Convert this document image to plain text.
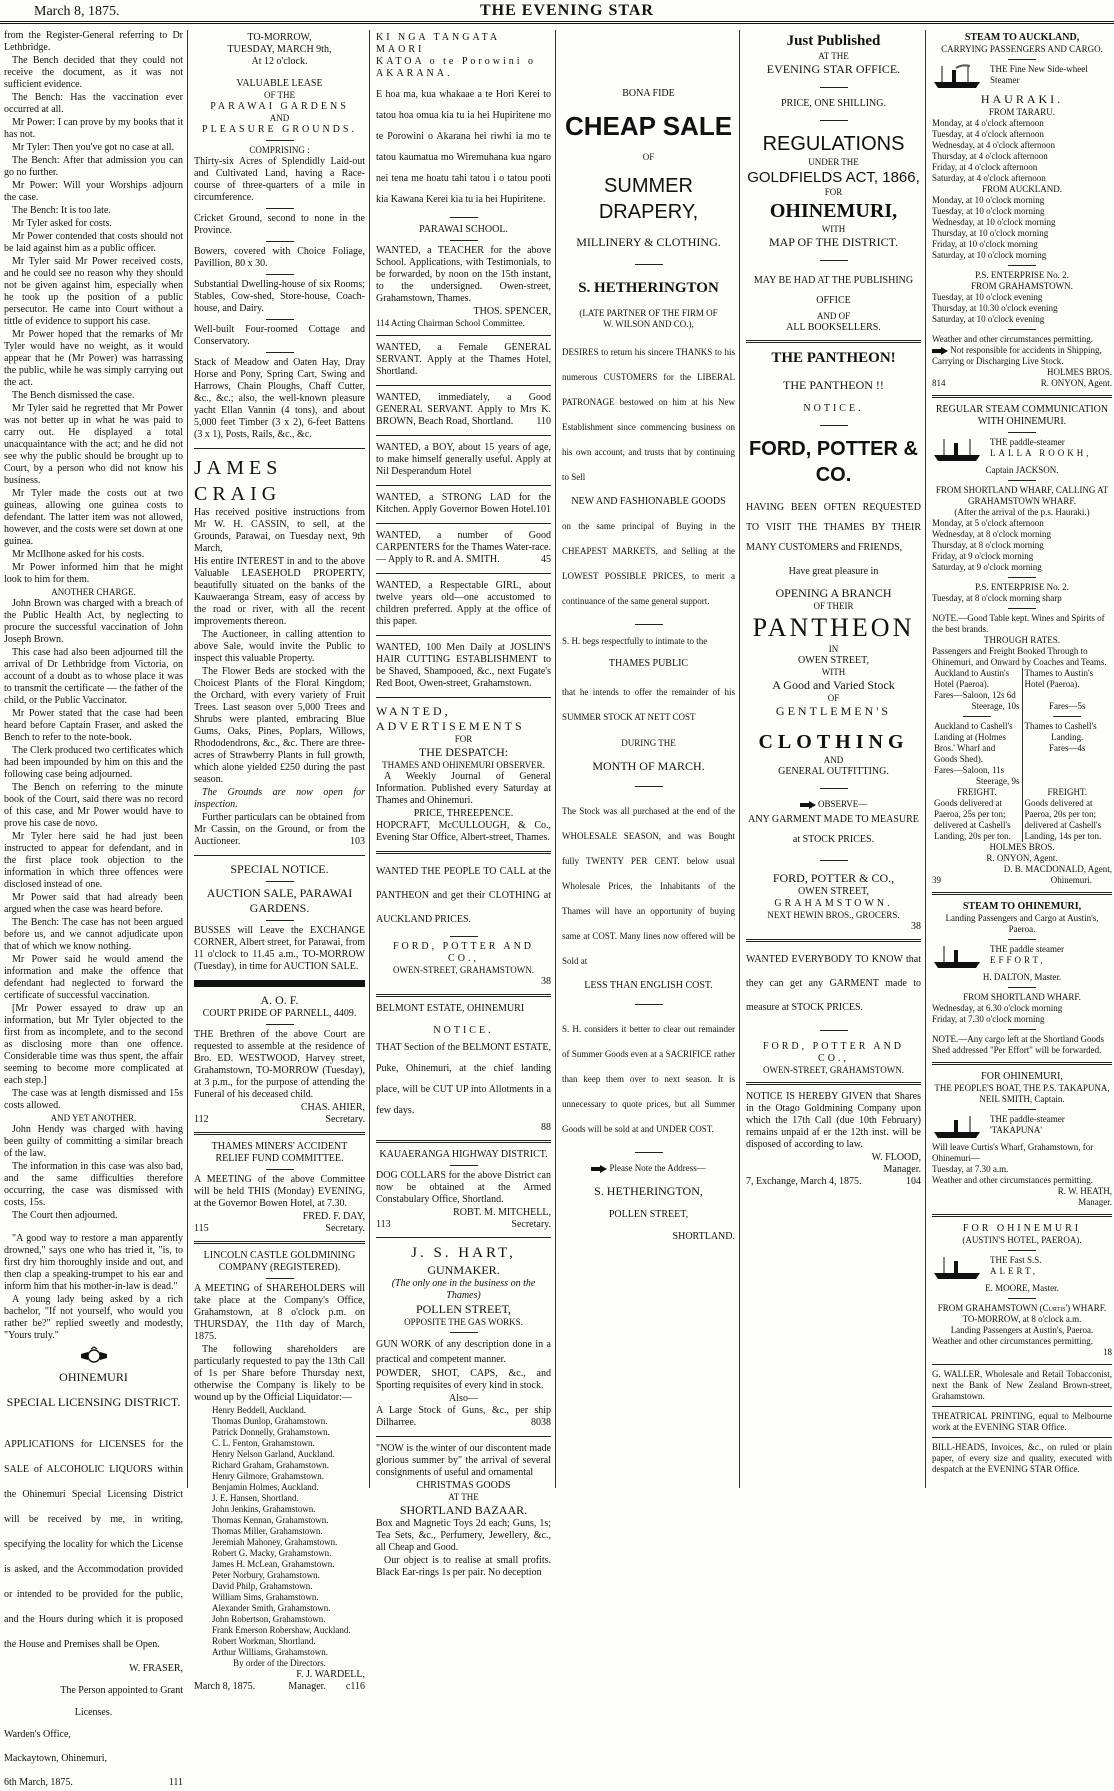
March 8, 1875.	THE EVENING STAR

from the Register-General referring to Dr Lethbridge.

The Bench decided that they could not receive the document, as it was not sufficient evidence.

The Bench: Has the vaccination ever occurred at all.

Mr Power: I can prove by my books that it has not.

Mr Tyler: Then you've got no case at all.

The Bench: After that admission you can go no further.

Mr Power: Will your Worships adjourn the case.

The Bench: It is too late.

Mr Tyler asked for costs.

Mr Power contended that costs should not be laid against him as a public officer.

Mr Tyler said Mr Power received costs, and he could see no reason why they should not be given against him, especially when he took up the position of a public persecutor. He came into Court without a tittle of evidence to support his case.

Mr Power hoped that the remarks of Mr Tyler would have no weight, as it would appear that he (Mr Power) was harrassing the public, while he was simply carrying out the act.

The Bench dismissed the case.

Mr Tyler said he regretted that Mr Power was not better up in what he was paid to carry out. He displayed a total unacquaintance with the act; and he did not see why the public should be brought up to Court, by a person who did not know his business.

Mr Tyler made the costs out at two guineas, allowing one guinea costs to defendant. The latter item was not allowed, however, and the costs were set down at one guinea.

Mr McIlhone asked for his costs.

Mr Power informed him that he might look to him for them.

ANOTHER CHARGE.

John Brown was charged with a breach of the Public Health Act, by neglecting to procure the successful vaccination of John Joseph Brown.

This case had also been adjourned till the arrival of Dr Lethbridge from Victoria, on account of a doubt as to whose place it was to transmit the certificate — the father of the child, or the Public Vaccinator.

Mr Power stated that the case had been heard before Captain Fraser, and asked the Bench to refer to the note-book.

The Clerk produced two certificates which had been impounded by him on this and the following case being adjourned.

The Bench on referring to the minute book of the Court, said there was no record of this case, and Mr Power would have to prove his case de novo.

Mr Tyler here said he had just been instructed to appear for defendant, and in the first place took objection to the information in which three offences were disclosed instead of one.

Mr Power said that had already been argued when the case was heard before.

The Bench: The case has not been argued before us, and we cannot adjudicate upon that of which we know nothing.

Mr Power said he would amend the information and make the offence that defendant had neglected to forward the certificate of successful vaccination.

[Mr Power essayed to draw up an information, but Mr Tyler objected to the first from as incomplete, and to the second as disclosing more than one offence. Considerable time was thus spent, the affair seeming to become more complicated at each step.]

The case was at length dismissed and 15s costs allowed.

AND YET ANOTHER.

John Hendy was charged with having been guilty of committing a similar breach of the law.

The information in this case was also bad, and the same difficulties therefore occurring, the case was dismissed with costs, 15s.

The Court then adjourned.

"A good way to restore a man apparently drowned," says one who has tried it, "is, to first dry him thoroughly inside and out, and then clap a speaking-trumpet to his ear and inform him that his mother-in-law is dead."

A young lady being asked by a rich bachelor, "If not yourself, who would you rather be?" replied sweetly and modestly, "Yours truly."

OHINEMURI

SPECIAL LICENSING DISTRICT.

APPLICATIONS for LICENSES for the SALE of ALCOHOLIC LIQUORS within the Ohinemuri Special Licensing District will be received by me, in writing, specifying the locality for which the License is asked, and the Accommodation provided or intended to be provided for the public, and the Hours during which it is proposed the House and Premises shall be Open.

W. FRASER,

The Person appointed to Grant

Licenses.

Warden's Office,

Mackaytown, Ohinemuri,

6th March, 1875.	111

TO-MORROW,

TUESDAY, MARCH 9th,

At 12 o'clock.

VALUABLE LEASE

OF THE

PARAWAI GARDENS

AND

PLEASURE GROUNDS.

COMPRISING :

Thirty-six Acres of Splendidly Laid-out and Cultivated Land, having a Race-course of three-quarters of a mile in circumference.

Cricket Ground, second to none in the Province.

Bowers, covered with Choice Foliage, Pavillion, 80 x 30.

Substantial Dwelling-house of six Rooms; Stables, Cow-shed, Store-house, Coach-house, and Dairy.

Well-built Four-roomed Cottage and Conservatory.

Stack of Meadow and Oaten Hay, Dray Horse and Pony, Spring Cart, Swing and Harrows, Chain Ploughs, Chaff Cutter, &c., &c.; also, the well-known pleasure yacht Ellan Vannin (4 tons), and about 5,000 feet Timber (3 x 2), 6-feet Battens (3 x 1), Posts, Rails, &c., &c.

JAMES CRAIG

Has received positive instructions from Mr W. H. CASSIN, to sell, at the Grounds, Parawai, on Tuesday next, 9th March,

His entire INTEREST in and to the above Valuable LEASEHOLD PROPERTY, beautifully situated on the banks of the Kauwaeranga Stream, easy of access by the road or river, with all the recent improvements thereon.

The Auctioneer, in calling attention to above Sale, would invite the Public to inspect this valuable Property.

The Flower Beds are stocked with the Choicest Plants of the Floral Kingdom; the Orchard, with every variety of Fruit Trees. Last season over 5,000 Trees and Shrubs were planted, embracing Blue Gums, Oaks, Pines, Poplars, Willows, Rhododendrons, &c., &c. There are three-acres of Strawberry Plants in full growth, which alone yielded £250 during the past season.

The Grounds are now open for inspection.

Further particulars can be obtained from Mr Cassin, on the Ground, or from the Auctioneer.	103

SPECIAL NOTICE.

AUCTION SALE, PARAWAI GARDENS.

BUSSES will Leave the EXCHANGE CORNER, Albert street, for Parawai, from 11 o'clock to 11.45 a.m., TO-MORROW (Tuesday), in time for AUCTION SALE.

A. O. F.

COURT PRIDE OF PARNELL, 4409.

THE Brethren of the above Court are requested to assemble at the residence of Bro. ED. WESTWOOD, Harvey street, Grahamstown, TO-MORROW (Tuesday), at 3 p.m., for the purpose of attending the Funeral of his deceased child.

CHAS. AHIER,

112	Secretary.

THAMES MINERS' ACCIDENT RELIEF FUND COMMITTEE.

A MEETING of the above Committee will be held THIS (Monday) EVENING, at the Governor Bowen Hotel, at 7.30.

FRED. F. DAY,

115	Secretary.

LINCOLN CASTLE GOLDMINING COMPANY (REGISTERED).

A MEETING of SHAREHOLDERS will take place at the Company's Office, Grahamstown, at 8 o'clock p.m. on THURSDAY, the 11th day of March, 1875.

The following shareholders are particularly requested to pay the 13th Call of 1s per Share before Thursday next, otherwise the Company is likely to be wound up by the Official Liquidator:—

Henry Beddell, Auckland.

Thomas Dunlop, Grahamstown.

Patrick Donnelly, Grahamstown.

C. L. Fenton, Grahamstown.

Henry Nelson Garland, Auckland.

Richard Graham, Grahamstown.

Henry Gilmore, Grahamstown.

Benjamin Holmes, Auckland.

J. E. Hansen, Shortland.

John Jenkins, Grahamstown.

Thomas Kennan, Grahamstown.

Thomas Miller, Grahamstown.

Jeremiah Mahoney, Grahamstown.

Robert G. Macky, Grahamstown.

James H. McLean, Grahamstown.

Peter Norbury, Grahamstown.

David Philp, Grahamstown.

William Sims, Grahamstown.

Alexander Smith, Grahamstown.

John Robertson, Grahamstown.

Frank Emerson Robershaw, Auckland.

Robert Workman, Shortland.

Arthur Williams, Grahamstown.

By order of the Directors.

F. J. WARDELL,

March 8, 1875.	c116
Manager.

KI NGA TANGATA MAORI

KATOA o te Porowini o AKARANA.

E hoa ma, kua whakaae a te Hori Kerei to tatou hoa omua kia tu ia hei Hupiritene mo te Porowini o Akarana hei riwhi ia mo te tatou kaumatua mo Wiremuhana kua ngaro nei tena me hoatu tahi tatou i o tatou pooti kia Kawana Kerei kia tu ia hei Hupiritene.

PARAWAI SCHOOL.

WANTED, a TEACHER for the above School. Applications, with Testimonials, to be forwarded, by noon on the 15th instant, to the undersigned. Owen-street, Grahamstown, Thames.

THOS. SPENCER,

114 Acting Chairman School Committee.

WANTED, a Female GENERAL SERVANT. Apply at the Thames Hotel, Shortland.

WANTED, immediately, a Good GENERAL SERVANT. Apply to Mrs K. BROWN, Beach Road, Shortland. 110

WANTED, a BOY, about 15 years of age, to make himself generally useful. Apply at Nil Desperandum Hotel

WANTED, a STRONG LAD for the Kitchen. Apply Governor Bowen Hotel. 101

WANTED, a number of Good CARPENTERS for the Thames Water-race.— Apply to R. and A. SMITH.	45

WANTED, a Respectable GIRL, about twelve years old—one accustomed to children preferred. Apply at the office of this paper.

WANTED, 100 Men Daily at JOSLIN'S HAIR CUTTING ESTABLISHMENT to be Shaved, Shampooed, &c., next Fugate's Red Boot, Owen-street, Grahamstown.

WANTED, ADVERTISEMENTS

FOR

THE DESPATCH:

THAMES AND OHINEMURI OBSERVER.

A Weekly Journal of General Information. Published every Saturday at Thames and Ohinemuri.

PRICE, THREEPENCE.

HOPCRAFT, McCULLOUGH, & Co., Evening Star Office, Albert-street, Thames.

WANTED THE PEOPLE TO CALL at the PANTHEON and get their CLOTHING at AUCKLAND PRICES.

FORD, POTTER AND CO.,

OWEN-STREET, GRAHAMSTOWN.

38

BELMONT ESTATE, OHINEMURI

NOTICE.

THAT Section of the BELMONT ESTATE, Puke, Ohinemuri, at the chief landing place, will be CUT UP into Allotments in a few days.

88

KAUAERANGA HIGHWAY DISTRICT.

DOG COLLARS for the above District can now be obtained at the Armed Constabulary Office, Shortland.

ROBT. M. MITCHELL,

113	Secretary.

J. S. HART,

GUNMAKER.

(The only one in the business on the Thames)

POLLEN STREET,

OPPOSITE THE GAS WORKS.

GUN WORK of any description done in a practical and competent manner.

POWDER, SHOT, CAPS, &c., and Sporting requisites of every kind in stock.

Also—

A Large Stock of Guns, &c., per ship Dilharree.	8038

"NOW is the winter of our discontent made glorious summer by" the arrival of several consignments of useful and ornamental

CHRISTMAS GOODS

AT THE

SHORTLAND BAZAAR.

Box and Magnetic Toys 2d each; Guns, 1s; Tea Sets, &c., Perfumery, Jewellery, &c., all Cheap and Good.

Our object is to realise at small profits. Black Ear-rings 1s per pair. No deception

BONA FIDE

CHEAP SALE

OF

SUMMER DRAPERY,

MILLINERY & CLOTHING.

S. HETHERINGTON

(LATE PARTNER OF THE FIRM OF

W. WILSON AND CO.),

DESIRES to return his sincere THANKS to his numerous CUSTOMERS for the LIBERAL PATRONAGE bestowed on him at his New Establishment since commencing business on his own account, and trusts that by continuing to Sell

NEW AND FASHIONABLE GOODS

on the same principal of Buying in the CHEAPEST MARKETS, and Selling at the LOWEST POSSIBLE PRICES, to merit a continuance of the same general support.

S. H. begs respectfully to intimate to the

THAMES PUBLIC

that he intends to offer the remainder of his SUMMER STOCK AT NETT COST

DURING THE

MONTH OF MARCH.

The Stock was all purchased at the end of the WHOLESALE SEASON, and was Bought fully TWENTY PER CENT. below usual Wholesale Prices, the Inhabitants of the Thames will have an opportunity of buying same at COST. Many lines now offered will be Sold at

LESS THAN ENGLISH COST.

S. H. considers it better to clear out remainder of Summer Goods even at a SACRIFICE rather than keep them over to next season. It is unnecessary to quote prices, but all Summer Goods will be sold at and UNDER COST.

Please Note the Address—

S. HETHERINGTON,

POLLEN STREET,

SHORTLAND.

Just Published

AT THE

EVENING STAR OFFICE.

PRICE, ONE SHILLING.

REGULATIONS

UNDER THE

GOLDFIELDS ACT, 1866,

FOR

OHINEMURI,

WITH

MAP OF THE DISTRICT.

MAY BE HAD AT THE PUBLISHING OFFICE

AND OF

ALL BOOKSELLERS.

THE PANTHEON!

THE PANTHEON !!

NOTICE.

FORD, POTTER & CO.

HAVING BEEN OFTEN REQUESTED TO VISIT THE THAMES BY THEIR MANY CUSTOMERS and FRIENDS,

Have great pleasure in

OPENING A BRANCH

OF THEIR

PANTHEON

IN

OWEN STREET,

WITH

A Good and Varied Stock

OF

GENTLEMEN'S

CLOTHING

AND

GENERAL OUTFITTING.

OBSERVE—

ANY GARMENT MADE TO MEASURE at STOCK PRICES.

FORD, POTTER & CO.,

OWEN STREET,

GRAHAMSTOWN.

NEXT HEWIN BROS., GROCERS.

38

WANTED EVERYBODY TO KNOW that they can get any GARMENT made to measure at STOCK PRICES.

FORD, POTTER AND CO.,

OWEN-STREET, GRAHAMSTOWN.

NOTICE IS HEREBY GIVEN that Shares in the Otago Goldmining Company upon which the 17th Call (due 10th February) remains unpaid af er the 12th inst. will be disposed of according to law.

W. FLOOD,

Manager.

7, Exchange, March 4, 1875.	104

STEAM TO AUCKLAND,

CARRYING PASSENGERS AND CARGO.

THE Fine New Side-wheel Steamer

HAURAKI.

FROM TARARU.

Monday, at 4 o'clock afternoon

Tuesday, at 4 o'clock afternoon

Wednesday, at 4 o'clock afternoon

Thursday, at 4 o'clock afternoon

Friday, at 4 o'clock afternoon

Saturday, at 4 o'clock afternoon

FROM AUCKLAND.

Monday, at 10 o'clock morning

Tuesday, at 10 o'clock morning

Wednesday, at 10 o'clock morning

Thursday, at 10 o'clock morning

Friday, at 10 o'clock morning

Saturday, at 10 o'clock morning

P.S. ENTERPRISE No. 2.

FROM GRAHAMSTOWN.

Tuesday, at 10 o'clock evening

Thursday, at 10.30 o'clock evening

Saturday, at 10 o'clock evening

Weather and other circumstances permitting.

Not responsible for accidents in Shipping, Carrying or Discharging Live Stock.

HOLMES BROS.

814	R. ONYON, Agent.

REGULAR STEAM COMMUNICATION WITH OHINEMURI.

THE paddle-steamer

LALLA ROOKH,

Captain JACKSON.

FROM SHORTLAND WHARF, CALLING AT GRAHAMSTOWN WHARF.

(After the arrival of the p.s. Hauraki.)

Monday, at 5 o'clock afternoon

Wednesday, at 8 o'clock morning

Thursday, at 8 o'clock morning

Friday, at 9 o'clock morning

Saturday, at 9 o'clock morning

P.S. ENTERPRISE No. 2.

Tuesday, at 8 o'clock morning sharp

NOTE.—Good Table kept. Wines and Spirits of the best brands.

THROUGH RATES.

Passengers and Freight Booked Through to Ohinemuri, and Onward by Coaches and Teams.

Auckland to Austin's Hotel (Paeroa).

Fares—Saloon, 12s 6d

Steerage, 10s

Auckland to Cashell's Landing at (Holmes Bros.' Wharf and Goods Shed).

Fares—Saloon, 11s

Steerage, 9s

Thames to Austin's Hotel (Paeroa).

Fares—5s

Thames to Cashell's

Landing.

Fares—4s

FREIGHT.

Goods delivered at Paeroa, 25s per ton; delivered at Cashell's Landing, 20s per ton.

FREIGHT.

Goods delivered at Paeroa, 20s per ton; delivered at Cashell's Landing, 14s per ton.

HOLMES BROS.

R. ONYON, Agent.

D. B. MACDONALD, Agent,

39	Ohinemuri.

STEAM TO OHINEMURI,

Landing Passengers and Cargo at Austin's, Paeroa.

THE paddle steamer

EFFORT,

H. DALTON, Master.

FROM SHORTLAND WHARF.

Wednesday, at 6.30 o'clock morning

Friday, at 7.30 o'clock morning

NOTE.—Any cargo left at the Shortland Goods Shed addressed "Per Effort" will be forwarded.

FOR OHINEMURI,

THE PEOPLE'S BOAT, THE P.S. TAKAPUNA,

NEIL SMITH, Captain.

THE paddle-steamer

'TAKAPUNA'

Will leave Curtis's Wharf, Grahamstown, for Ohinemuri—

Tuesday, at 7.30 a.m.

Weather and other circumstances permitting.

R. W. HEATH,

Manager.

FOR OHINEMURI

(AUSTIN'S HOTEL, PAEROA).

THE Fast S.S.

ALERT,

E. MOORE, Master.

FROM GRAHAMSTOWN (Curtis') WHARF.

TO-MORROW, at 8 o'clock a.m.

Landing Passengers at Austin's, Paeroa.

Weather and other circumstances permitting.

18

G. WALLER, Wholesale and Retail Tobacconist, next the Bank of New Zealand Brown-street, Grahamstown.

THEATRICAL PRINTING, equal to Melbourne work at the EVENING STAR Office.

BILL-HEADS, Invoices, &c., on ruled or plain paper, of every size and quality, executed with despatch at the EVENING STAR Office.
